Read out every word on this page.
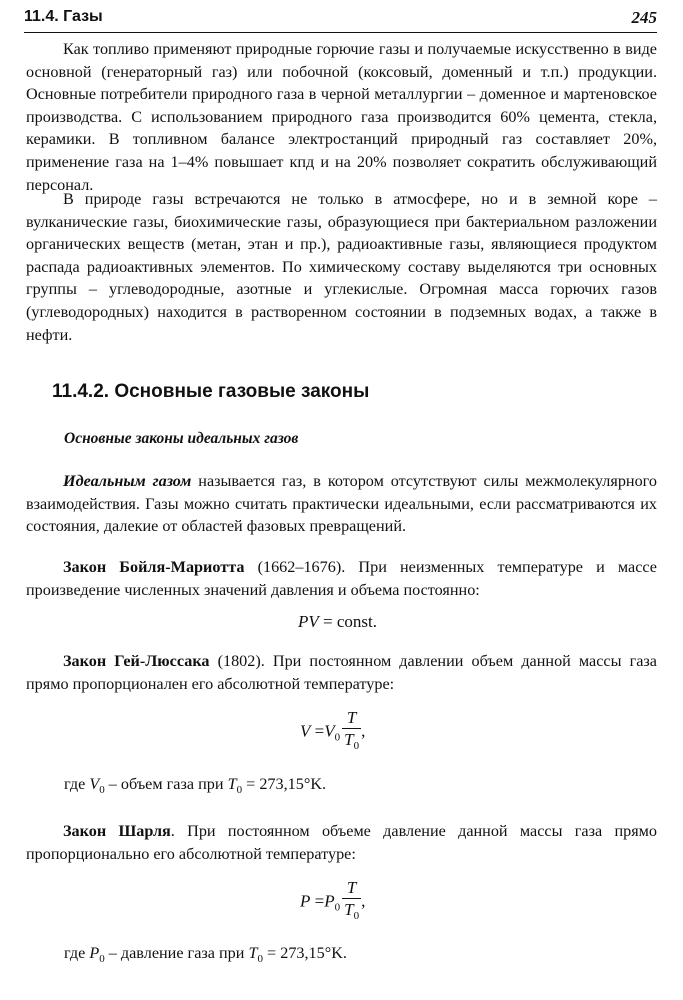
11.4. Газы	245

Как топливо применяют природные горючие газы и получаемые искусственно в виде основной (генераторный газ) или побочной (коксовый, доменный и т.п.) продукции. Основные потребители природного газа в черной металлургии – доменное и мартеновское производства. С использованием природного газа производится 60% цемента, стекла, керамики. В топливном балансе электростанций природный газ составляет 20%, применение газа на 1–4% повышает кпд и на 20% позволяет сократить обслуживающий персонал.

В природе газы встречаются не только в атмосфере, но и в земной коре – вулканические газы, биохимические газы, образующиеся при бактериальном разложении органических веществ (метан, этан и пр.), радиоактивные газы, являющиеся продуктом распада радиоактивных элементов. По химическому составу выделяются три основных группы – углеводородные, азотные и углекислые. Огромная масса горючих газов (углеводородных) находится в растворенном состоянии в подземных водах, а также в нефти.

11.4.2. Основные газовые законы
Основные законы идеальных газов

Идеальным газом называется газ, в котором отсутствуют силы межмолекулярного взаимодействия. Газы можно считать практически идеальными, если рассматриваются их состояния, далекие от областей фазовых превращений.

Закон Бойля-Мариотта (1662–1676). При неизменных температуре и массе произведение численных значений давления и объема постоянно:

PV = const.

Закон Гей-Люссака (1802). При постоянном давлении объем данной массы газа прямо пропорционален его абсолютной температуре:

$V =V_0 \frac{T}{T_0}$ ,
где $V_0$ – объем газа при $T_0 = 273,15^\circ K$.

Закон Шарля. При постоянном объеме давление данной массы газа прямо пропорционально его абсолютной температуре:

$P =P_0 \frac{T}{T_0}$ ,
где $P_0$ – давление газа при $T_0 = 273,15^\circ K$.
